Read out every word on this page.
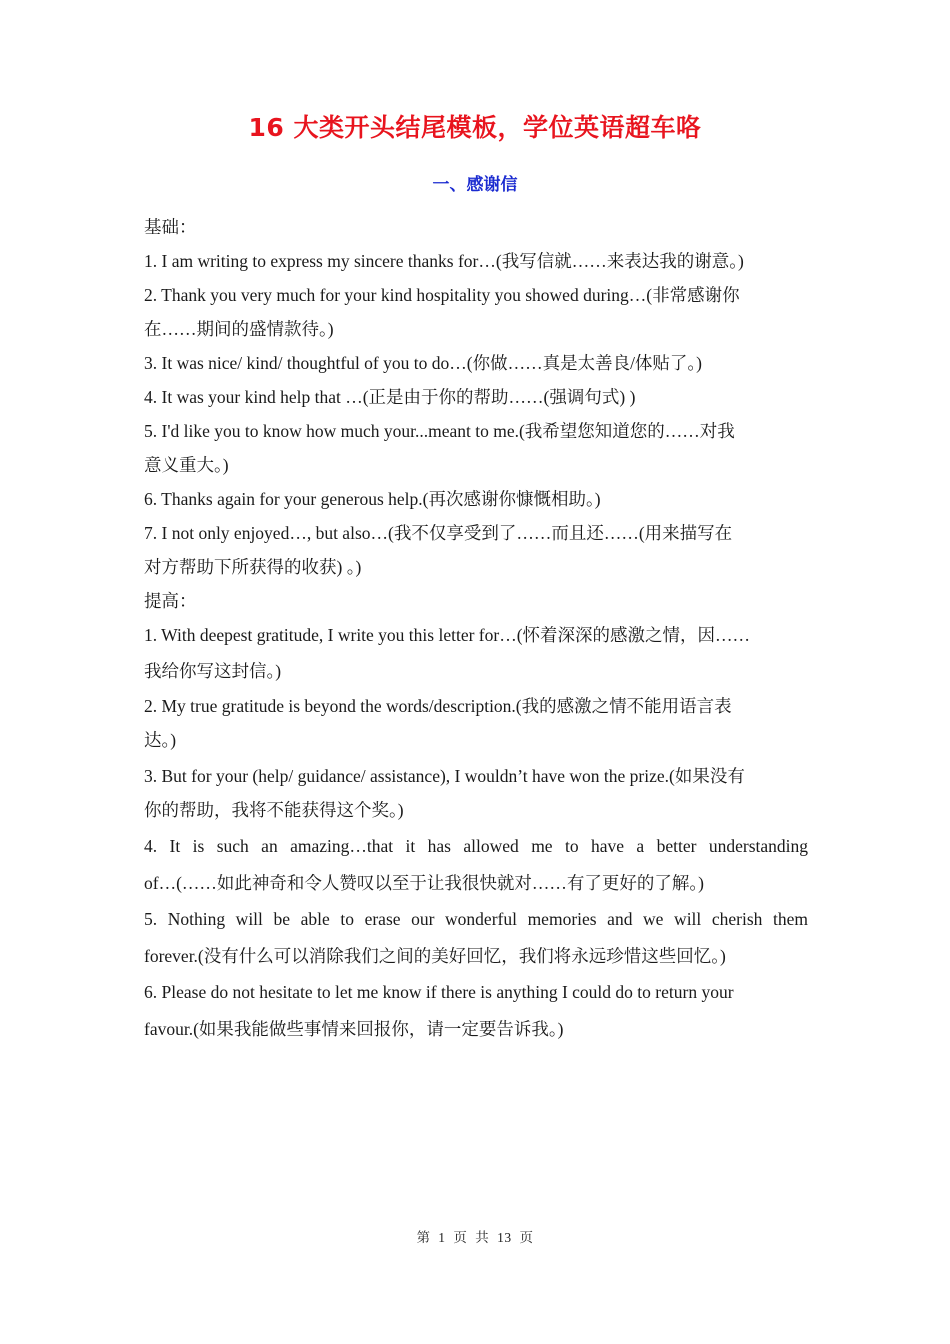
16 大类开头结尾模板，学位英语超车咯
一、感谢信

基础：

1. I am writing to express my sincere thanks for…(我写信就……来表达我的谢意。)

2. Thank you very much for your kind hospitality you showed during…(非常感谢你

在……期间的盛情款待。)

3. It was nice/ kind/ thoughtful of you to do…(你做……真是太善良/体贴了。)

4. It was your kind help that …(正是由于你的帮助……(强调句式) )

5. I'd like you to know how much your...meant to me.(我希望您知道您的……对我

意义重大。)

6. Thanks again for your generous help.(再次感谢你慷慨相助。)

7. I not only enjoyed…, but also…(我不仅享受到了……而且还……(用来描写在

对方帮助下所获得的收获) 。)

提高：

1. With deepest gratitude, I write you this letter for…(怀着深深的感激之情，因……

我给你写这封信。)

2. My true gratitude is beyond the words/description.(我的感激之情不能用语言表

达。)

3. But for your (help/ guidance/ assistance), I wouldn’t have won the prize.(如果没有

你的帮助，我将不能获得这个奖。)

4. It is such an amazing…that it has allowed me to have a better understanding

of…(……如此神奇和令人赞叹以至于让我很快就对……有了更好的了解。)

5. Nothing will be able to erase our wonderful memories and we will cherish them

forever.(没有什么可以消除我们之间的美好回忆，我们将永远珍惜这些回忆。)

6. Please do not hesitate to let me know if there is anything I could do to return your

favour.(如果我能做些事情来回报你，请一定要告诉我。)

第 1 页 共 13 页
